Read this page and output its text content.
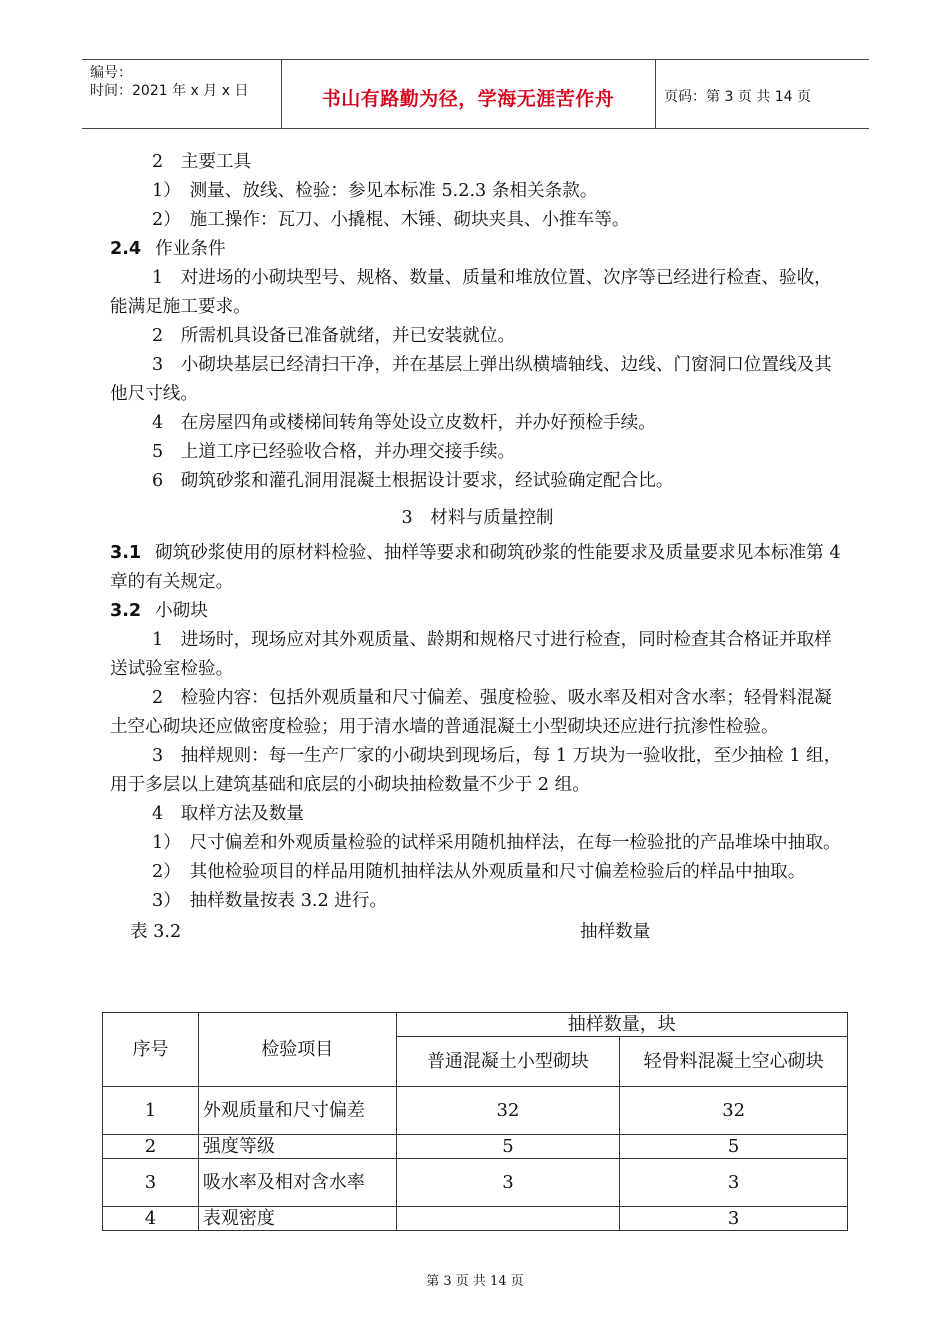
编号：
时间：2021 年 x 月 x 日	书山有路勤为径，学海无涯苦作舟	页码：第 3 页 共 14 页

2　主要工具

1）　测量、放线、检验：参见本标准 5.2.3 条相关条款。

2）　施工操作：瓦刀、小撬棍、木锤、砌块夹具、小推车等。

2.4 作业条件

1　对进场的小砌块型号、规格、数量、质量和堆放位置、次序等已经进行检查、验收，能满足施工要求。

2　所需机具设备已准备就绪，并已安装就位。

3　小砌块基层已经清扫干净，并在基层上弹出纵横墙轴线、边线、门窗洞口位置线及其他尺寸线。

4　在房屋四角或楼梯间转角等处设立皮数杆，并办好预检手续。

5　上道工序已经验收合格，并办理交接手续。

6　砌筑砂浆和灌孔洞用混凝土根据设计要求，经试验确定配合比。

3　材料与质量控制

3.1 砌筑砂浆使用的原材料检验、抽样等要求和砌筑砂浆的性能要求及质量要求见本标准第 4 章的有关规定。

3.2 小砌块

1　进场时，现场应对其外观质量、龄期和规格尺寸进行检查，同时检查其合格证并取样送试验室检验。

2　检验内容：包括外观质量和尺寸偏差、强度检验、吸水率及相对含水率；轻骨料混凝土空心砌块还应做密度检验；用于清水墙的普通混凝土小型砌块还应进行抗渗性检验。

3　抽样规则：每一生产厂家的小砌块到现场后，每 1 万块为一验收批，至少抽检 1 组，用于多层以上建筑基础和底层的小砌块抽检数量不少于 2 组。

4　取样方法及数量

1）　尺寸偏差和外观质量检验的试样采用随机抽样法，在每一检验批的产品堆垛中抽取。

2）　其他检验项目的样品用随机抽样法从外观质量和尺寸偏差检验后的样品中抽取。

3）　抽样数量按表 3.2 进行。

表 3.2	抽样数量
序号	检验项目	抽样数量，块	
		普通混凝土小型砌块	轻骨料混凝土空心砌块
1	外观质量和尺寸偏差	32	32
2	强度等级	5	5
3	吸水率及相对含水率	3	3
4	表观密度		3
第 3 页 共 14 页
